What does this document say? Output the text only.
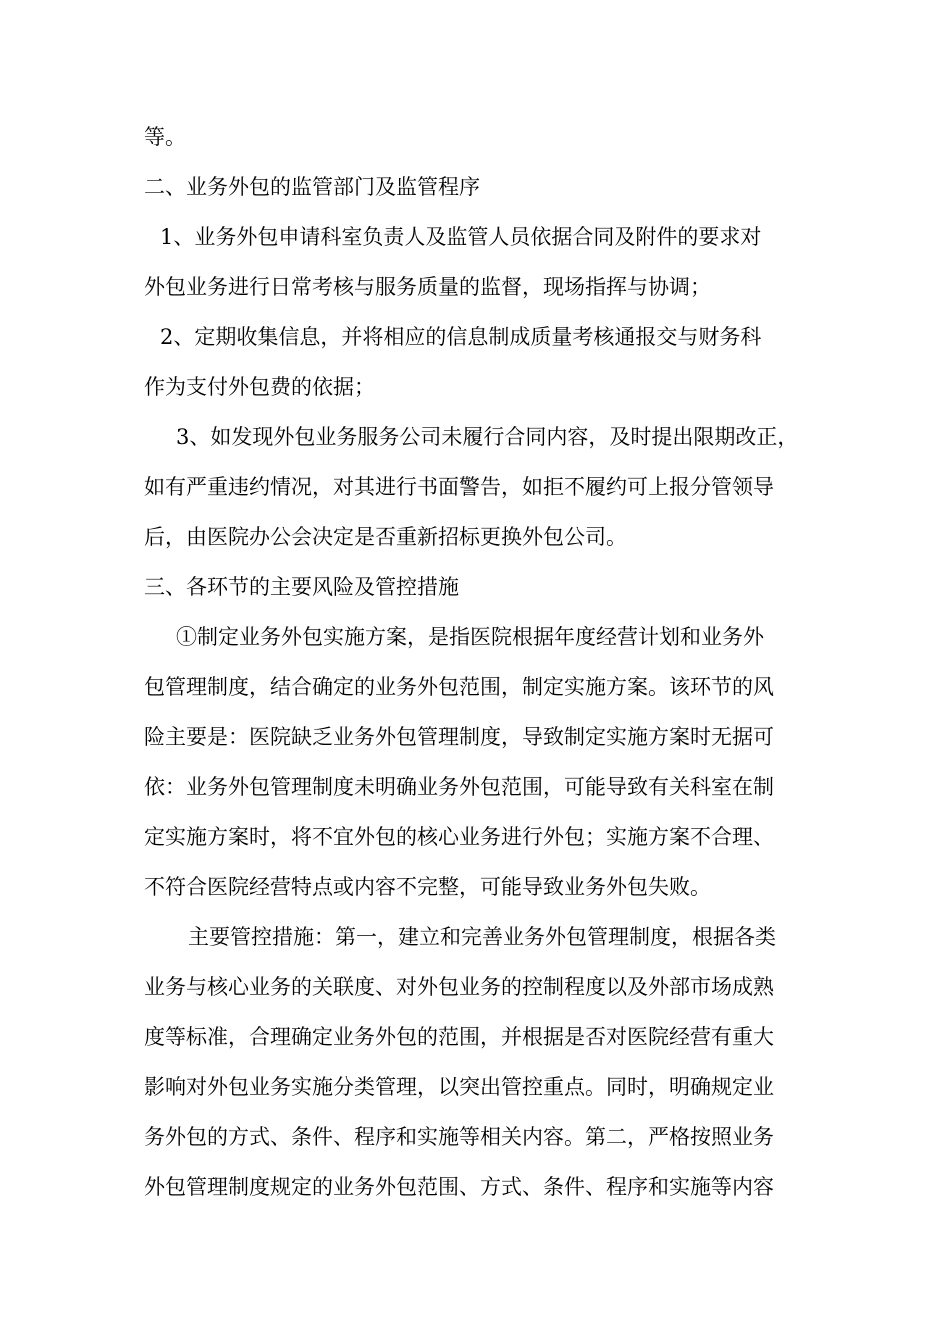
等。
二、业务外包的监管部门及监管程序
1、业务外包申请科室负责人及监管人员依据合同及附件的要求对
外包业务进行日常考核与服务质量的监督，现场指挥与协调；
2、定期收集信息，并将相应的信息制成质量考核通报交与财务科
作为支付外包费的依据；
3、如发现外包业务服务公司未履行合同内容，及时提出限期改正，
如有严重违约情况，对其进行书面警告，如拒不履约可上报分管领导
后，由医院办公会决定是否重新招标更换外包公司。
三、各环节的主要风险及管控措施
①制定业务外包实施方案，是指医院根据年度经营计划和业务外
包管理制度，结合确定的业务外包范围，制定实施方案。该环节的风
险主要是：医院缺乏业务外包管理制度，导致制定实施方案时无据可
依：业务外包管理制度未明确业务外包范围，可能导致有关科室在制
定实施方案时，将不宜外包的核心业务进行外包；实施方案不合理、
不符合医院经营特点或内容不完整，可能导致业务外包失败。
主要管控措施：第一，建立和完善业务外包管理制度，根据各类
业务与核心业务的关联度、对外包业务的控制程度以及外部市场成熟
度等标准，合理确定业务外包的范围，并根据是否对医院经营有重大
影响对外包业务实施分类管理，以突出管控重点。同时，明确规定业
务外包的方式、条件、程序和实施等相关内容。第二，严格按照业务
外包管理制度规定的业务外包范围、方式、条件、程序和实施等内容
